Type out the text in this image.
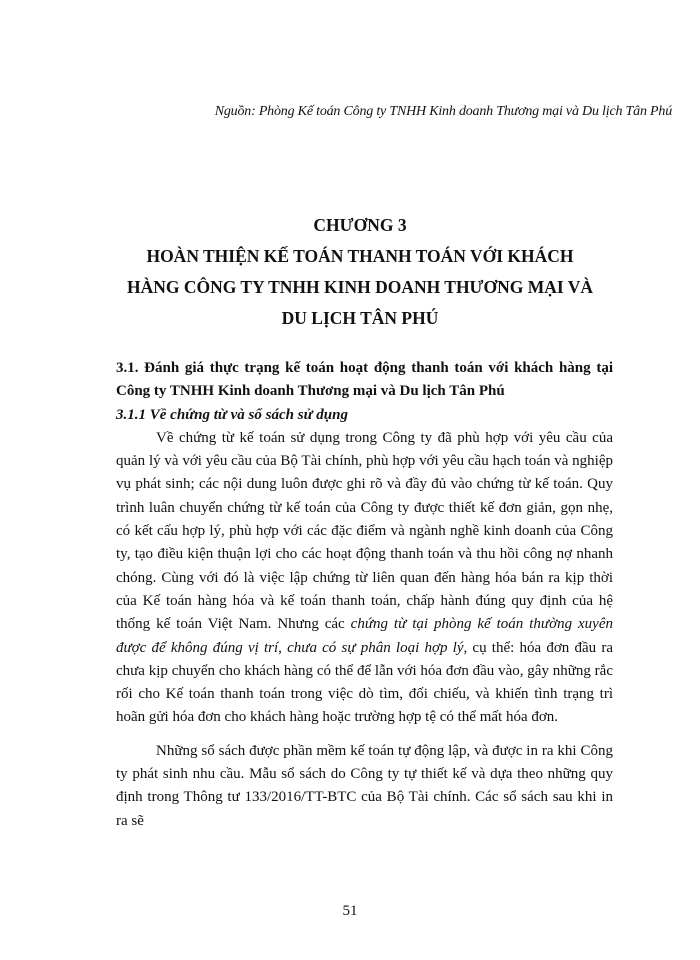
Nguồn: Phòng Kế toán Công ty TNHH Kinh doanh Thương mại và Du lịch Tân Phú
CHƯƠNG 3
HOÀN THIỆN KẾ TOÁN THANH TOÁN VỚI KHÁCH
HÀNG CÔNG TY TNHH KINH DOANH THƯƠNG MẠI VÀ
DU LỊCH TÂN PHÚ
3.1. Đánh giá thực trạng kế toán hoạt động thanh toán với khách hàng tại Công ty TNHH Kinh doanh Thương mại và Du lịch Tân Phú
3.1.1 Về chứng từ và sổ sách sử dụng

Về chứng từ kế toán sử dụng trong Công ty đã phù hợp với yêu cầu của quản lý và với yêu cầu của Bộ Tài chính, phù hợp với yêu cầu hạch toán và nghiệp vụ phát sinh; các nội dung luôn được ghi rõ và đầy đủ vào chứng từ kế toán. Quy trình luân chuyển chứng từ kế toán của Công ty được thiết kế đơn giản, gọn nhẹ, có kết cấu hợp lý, phù hợp với các đặc điểm và ngành nghề kinh doanh của Công ty, tạo điều kiện thuận lợi cho các hoạt động thanh toán và thu hồi công nợ nhanh chóng. Cùng với đó là việc lập chứng từ liên quan đến hàng hóa bán ra kịp thời của Kế toán hàng hóa và kế toán thanh toán, chấp hành đúng quy định của hệ thống kế toán Việt Nam. Nhưng các chứng từ tại phòng kế toán thường xuyên được để không đúng vị trí, chưa có sự phân loại hợp lý, cụ thể: hóa đơn đầu ra chưa kịp chuyển cho khách hàng có thể để lẫn với hóa đơn đầu vào, gây những rắc rối cho Kế toán thanh toán trong việc dò tìm, đối chiếu, và khiến tình trạng trì hoãn gửi hóa đơn cho khách hàng hoặc trường hợp tệ có thể mất hóa đơn.

Những sổ sách được phần mềm kế toán tự động lập, và được in ra khi Công ty phát sinh nhu cầu. Mẫu sổ sách do Công ty tự thiết kế và dựa theo những quy định trong Thông tư 133/2016/TT-BTC của Bộ Tài chính. Các sổ sách sau khi in ra sẽ

51
